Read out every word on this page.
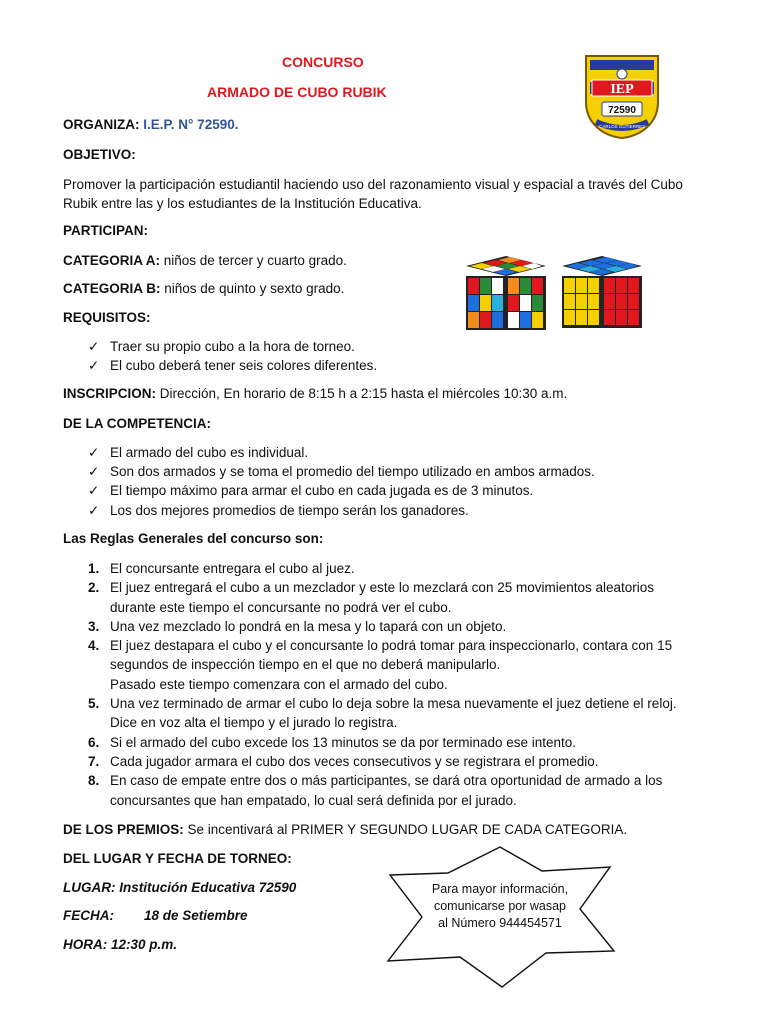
CONCURSO
ARMADO DE CUBO RUBIK	IEP
72590
CARLOS GUTIERREZ
ORGANIZA: I.E.P. N° 72590.
OBJETIVO:
Promover la participación estudiantil haciendo uso del razonamiento visual y espacial a través del Cubo
Rubik entre las y los estudiantes de la Institución Educativa.
PARTICIPAN:
CATEGORIA A: niños de tercer y cuarto grado.
CATEGORIA B: niños de quinto y sexto grado.
REQUISITOS:
✓ Traer su propio cubo a la hora de torneo.
✓ El cubo deberá tener seis colores diferentes.
INSCRIPCION: Dirección, En horario de 8:15 h a 2:15 hasta el miércoles 10:30 a.m.
DE LA COMPETENCIA:
✓ El armado del cubo es individual.
✓ Son dos armados y se toma el promedio del tiempo utilizado en ambos armados.
✓ El tiempo máximo para armar el cubo en cada jugada es de 3 minutos.
✓ Los dos mejores promedios de tiempo serán los ganadores.
Las Reglas Generales del concurso son:
1. El concursante entregara el cubo al juez.
2. El juez entregará el cubo a un mezclador y este lo mezclará con 25 movimientos aleatorios
durante este tiempo el concursante no podrá ver el cubo.
3. Una vez mezclado lo pondrá en la mesa y lo tapará con un objeto.
4. El juez destapara el cubo y el concursante lo podrá tomar para inspeccionarlo, contara con 15
segundos de inspección tiempo en el que no deberá manipularlo.
Pasado este tiempo comenzara con el armado del cubo.
5. Una vez terminado de armar el cubo lo deja sobre la mesa nuevamente el juez detiene el reloj.
Dice en voz alta el tiempo y el jurado lo registra.
6. Si el armado del cubo excede los 13 minutos se da por terminado ese intento.
7. Cada jugador armara el cubo dos veces consecutivos y se registrara el promedio.
8. En caso de empate entre dos o más participantes, se dará otra oportunidad de armado a los
concursantes que han empatado, lo cual será definida por el jurado.
DE LOS PREMIOS: Se incentivará al PRIMER Y SEGUNDO LUGAR DE CADA CATEGORIA.
DEL LUGAR Y FECHA DE TORNEO:
LUGAR: Institución Educativa 72590
FECHA: 18 de Setiembre
HORA: 12:30 p.m.
Para mayor información,
comunicarse por wasap
al Número 944454571
